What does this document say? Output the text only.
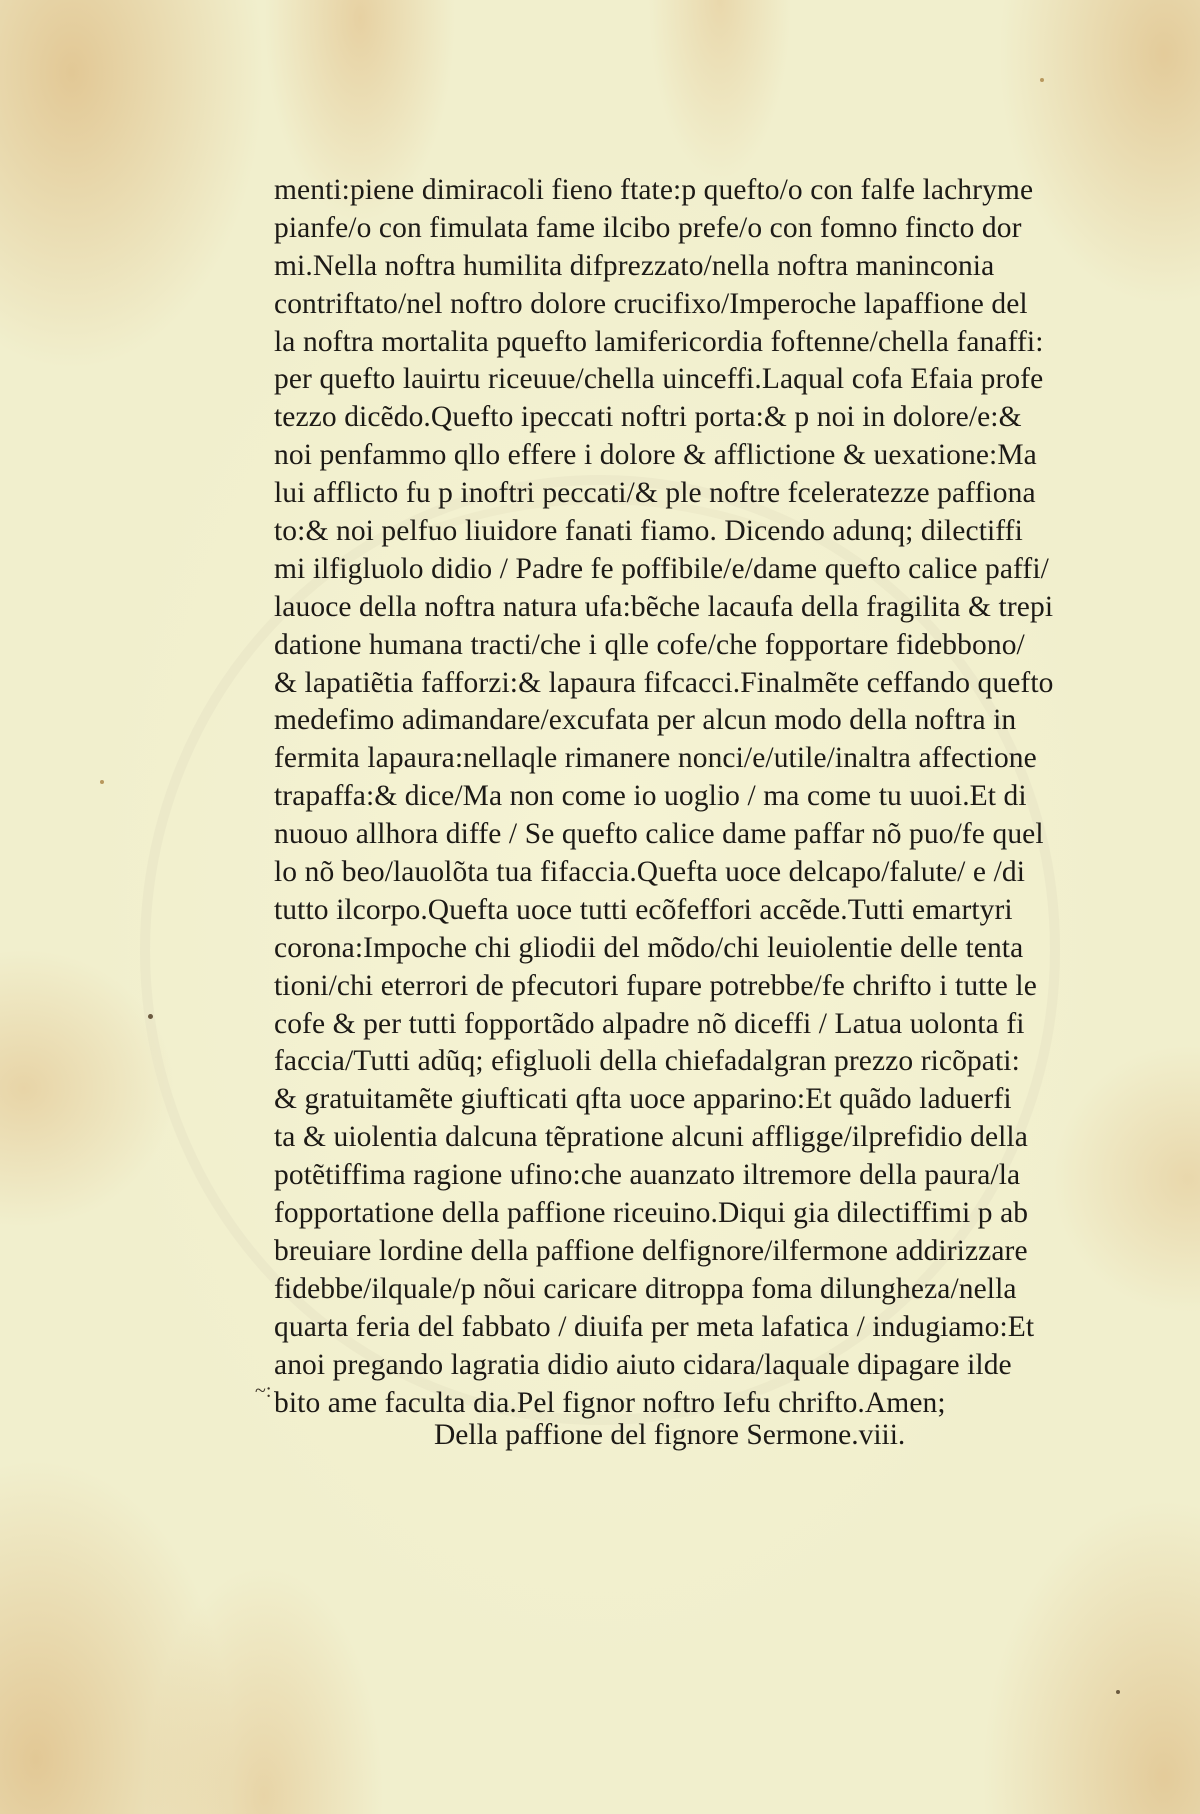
menti:piene dimiracoli fieno ftate:p quefto/o con falfe lachryme
pianfe/o con fimulata fame ilcibo prefe/o con fomno fincto dor
mi.Nella noftra humilita difprezzato/nella noftra maninconia
contriftato/nel noftro dolore crucifixo/Imperoche lapaffione del
la noftra mortalita pquefto lamifericordia foftenne/chella fanaffi:
per quefto lauirtu riceuue/chella uinceffi.Laqual cofa Efaia profe
tezzo dicẽdo.Quefto ipeccati noftri porta:& p noi in dolore/e:&
noi penfammo qllo effere i dolore & afflictione & uexatione:Ma
lui afflicto fu p inoftri peccati/& ple noftre fceleratezze paffiona
to:& noi pelfuo liuidore fanati fiamo. Dicendo adunq; dilectiffi
mi ilfigluolo didio / Padre fe poffibile/e/dame quefto calice paffi/
lauoce della noftra natura ufa:bẽche lacaufa della fragilita & trepi
datione humana tracti/che i qlle cofe/che fopportare fidebbono/
& lapatiẽtia fafforzi:& lapaura fifcacci.Finalmẽte ceffando quefto
medefimo adimandare/excufata per alcun modo della noftra in
fermita lapaura:nellaqle rimanere nonci/e/utile/inaltra affectione
trapaffa:& dice/Ma non come io uoglio / ma come tu uuoi.Et di
nuouo allhora diffe / Se quefto calice dame paffar nõ puo/fe quel
lo nõ beo/lauolõta tua fifaccia.Quefta uoce delcapo/falute/ e /di
tutto ilcorpo.Quefta uoce tutti ecõfeffori accẽde.Tutti emartyri
corona:Impoche chi gliodii del mõdo/chi leuiolentie delle tenta
tioni/chi eterrori de pfecutori fupare potrebbe/fe chrifto i tutte le
cofe & per tutti fopportãdo alpadre nõ diceffi / Latua uolonta fi
faccia/Tutti adũq; efigluoli della chiefadalgran prezzo ricõpati:
& gratuitamẽte giufticati qfta uoce apparino:Et quãdo laduerfi
ta & uiolentia dalcuna tẽpratione alcuni affligge/ilprefidio della
potẽtiffima ragione ufino:che auanzato iltremore della paura/la
fopportatione della paffione riceuino.Diqui gia dilectiffimi p ab
breuiare lordine della paffione delfignore/ilfermone addirizzare
fidebbe/ilquale/p nõui caricare ditroppa foma dilungheza/nella
quarta feria del fabbato / diuifa per meta lafatica / indugiamo:Et
anoi pregando lagratia didio aiuto cidara/laquale dipagare ilde
bito ame faculta dia.Pel fignor noftro Iefu chrifto.Amen;
~:
Della paffione del fignore Sermone.viii.
